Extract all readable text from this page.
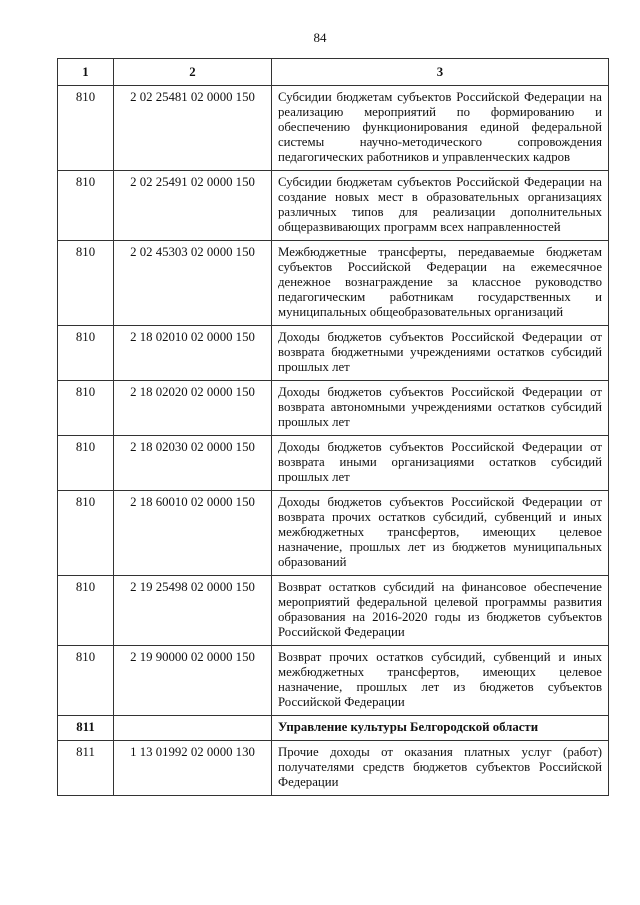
84
1	2	3
810	2 02 25481 02 0000 150	Субсидии бюджетам субъектов Российской Федерации на реализацию мероприятий по формированию и обеспечению функционирования единой федеральной системы научно-методического сопровождения педагогических работников и управленческих кадров
810	2 02 25491 02 0000 150	Субсидии бюджетам субъектов Российской Федерации на создание новых мест в образовательных организациях различных типов для реализации дополнительных общеразвивающих программ всех направленностей
810	2 02 45303 02 0000 150	Межбюджетные трансферты, передаваемые бюджетам субъектов Российской Федерации на ежемесячное денежное вознаграждение за классное руководство педагогическим работникам государственных и муниципальных общеобразовательных организаций
810	2 18 02010 02 0000 150	Доходы бюджетов субъектов Российской Федерации от возврата бюджетными учреждениями остатков субсидий прошлых лет
810	2 18 02020 02 0000 150	Доходы бюджетов субъектов Российской Федерации от возврата автономными учреждениями остатков субсидий прошлых лет
810	2 18 02030 02 0000 150	Доходы бюджетов субъектов Российской Федерации от возврата иными организациями остатков субсидий прошлых лет
810	2 18 60010 02 0000 150	Доходы бюджетов субъектов Российской Федерации от возврата прочих остатков субсидий, субвенций и иных межбюджетных трансфертов, имеющих целевое назначение, прошлых лет из бюджетов муниципальных образований
810	2 19 25498 02 0000 150	Возврат остатков субсидий на финансовое обеспечение мероприятий федеральной целевой программы развития образования на 2016-2020 годы из бюджетов субъектов Российской Федерации
810	2 19 90000 02 0000 150	Возврат прочих остатков субсидий, субвенций и иных межбюджетных трансфертов, имеющих целевое назначение, прошлых лет из бюджетов субъектов Российской Федерации
811		Управление культуры Белгородской области
811	1 13 01992 02 0000 130	Прочие доходы от оказания платных услуг (работ) получателями средств бюджетов субъектов Российской Федерации
